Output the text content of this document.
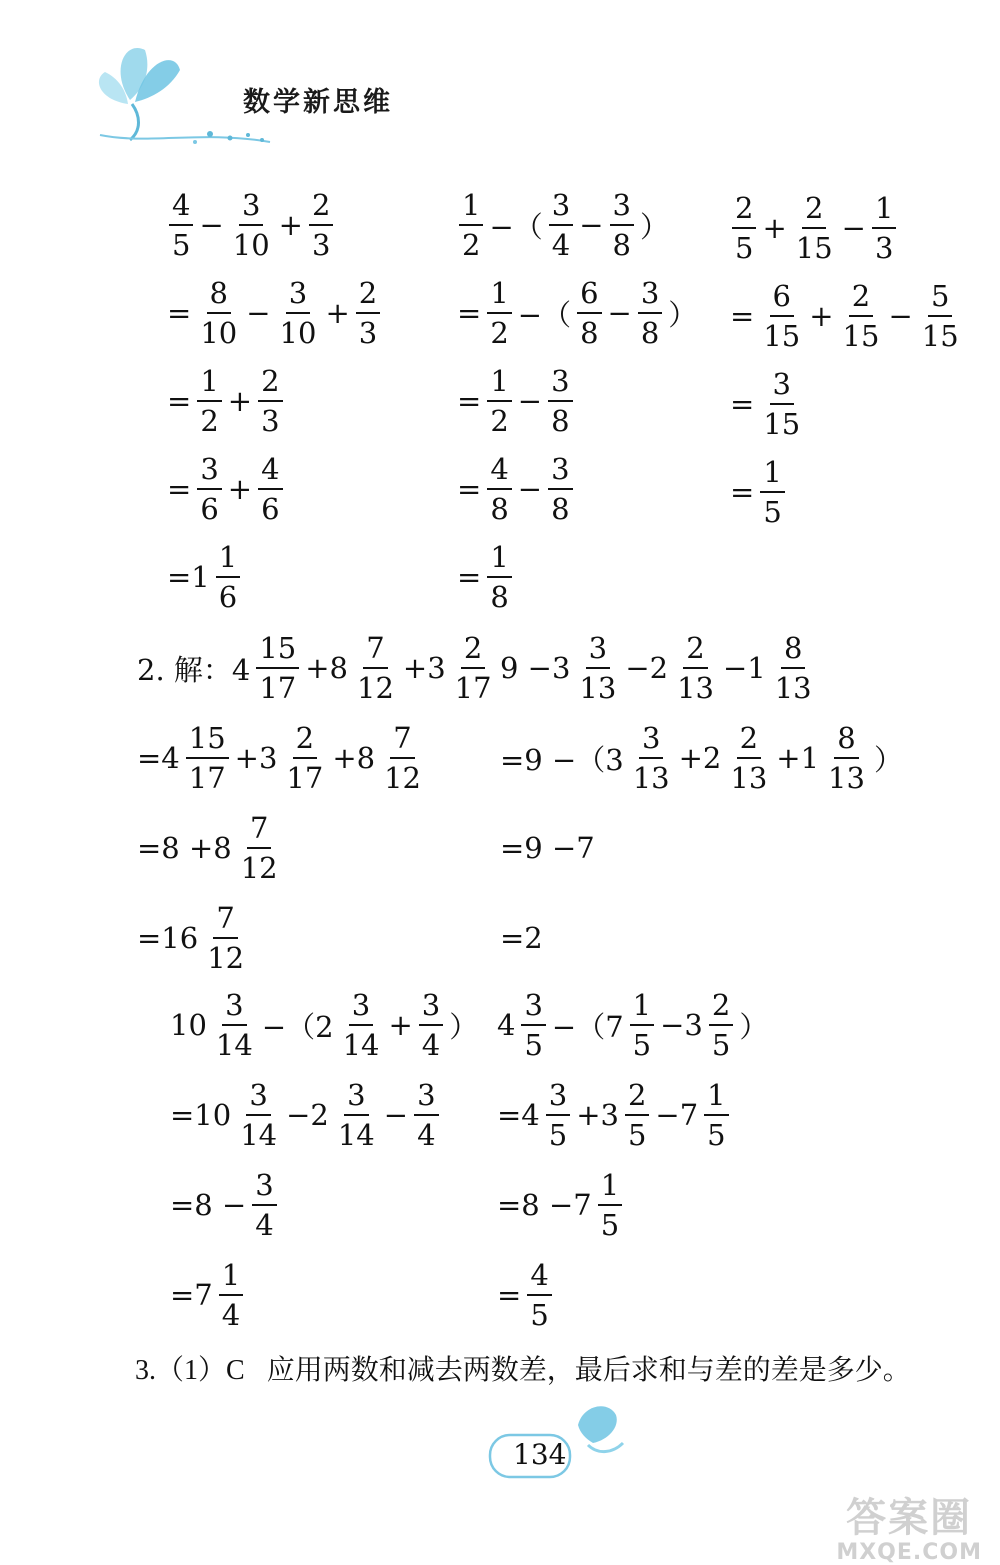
数学新思维
$\frac{4}{5} - \frac{3}{10} + \frac{2}{3}$
= $\frac{8}{10} - \frac{3}{10} + \frac{2}{3}$
= $\frac{1}{2} + \frac{2}{3}$
= $\frac{3}{6} + \frac{4}{6}$
$=1 \frac{1}{6}$
$\frac{1}{2}$ −（ $\frac{3}{4} - \frac{3}{8}$ ）
= $\frac{1}{2}$ −（ $\frac{6}{8} - \frac{3}{8}$ ）
= $\frac{1}{2} - \frac{3}{8}$
= $\frac{4}{8} - \frac{3}{8}$
= $\frac{1}{8}$
$\frac{2}{5} + \frac{2}{15} - \frac{1}{3}$
= $\frac{6}{15} + \frac{2}{15} - \frac{5}{15}$
= $\frac{3}{15}$
= $\frac{1}{5}$
2. 解：$4 \frac{15}{17} +8 \frac{7}{12} +3 \frac{2}{17}$
$=4 \frac{15}{17} +3 \frac{2}{17} +8 \frac{7}{12}$
$=8 +8 \frac{7}{12}$
$=16 \frac{7}{12}$
$9 -3 \frac{3}{13} -2 \frac{2}{13} -1 \frac{8}{13}$
$=9 -(3 \frac{3}{13} +2 \frac{2}{13} +1 \frac{8}{13}$ ）
=9 −7
=2
$10 \frac{3}{14} -(2 \frac{3}{14} + \frac{3}{4}$ ）
$=10 \frac{3}{14} -2 \frac{3}{14} - \frac{3}{4}$
$=8 - \frac{3}{4}$
$=7 \frac{1}{4}$
$4 \frac{3}{5} -(7 \frac{1}{5} -3 \frac{2}{5}$ ）
$=4 \frac{3}{5} +3 \frac{2}{5} -7 \frac{1}{5}$
$=8 -7 \frac{1}{5}$
= $\frac{4}{5}$
3.（1）C 应用两数和减去两数差，最后求和与差的差是多少。
134
答案圈
MXQE.COM
